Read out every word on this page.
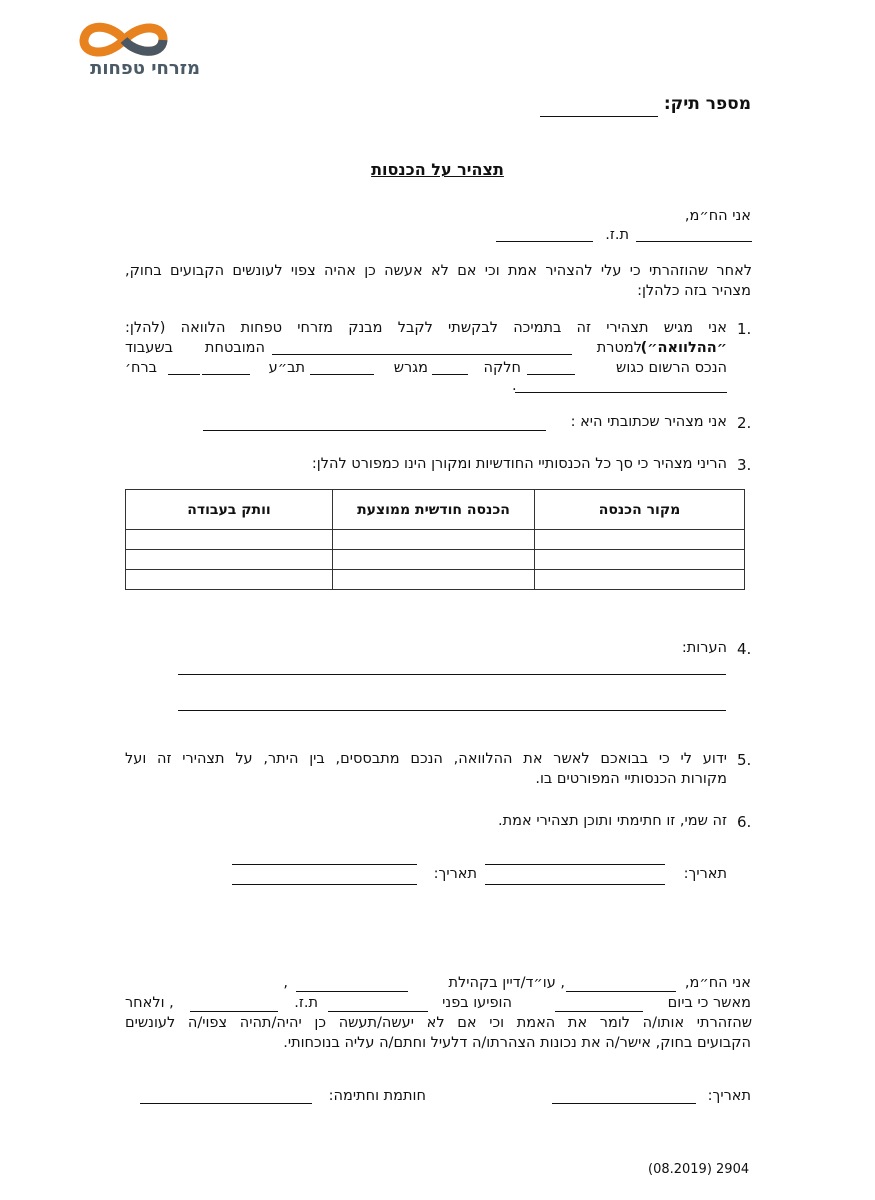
מזרחי טפחות
מספר תיק:
תצהיר על הכנסות
אני הח״מ,
ת.ז.
לאחר שהוזהרתי כי עלי להצהיר אמת וכי אם לא אעשה כן אהיה צפוי לעונשים הקבועים בחוק,
מצהיר בזה כלהלן:
1.
אני מגיש תצהירי זה בתמיכה לבקשתי לקבל מבנק מזרחי טפחות הלוואה (להלן:
״ההלוואה״)
למטרת
המובטחת בשעבוד
הנכס הרשום כגוש
חלקה
מגרש
תב״ע
ברח׳
.
2.
אני מצהיר שכתובתי היא :
3.
הריני מצהיר כי סך כל הכנסותיי החודשיות ומקורן הינו כמפורט להלן:
מקור הכנסה	הכנסה חודשית ממוצעת	וותק בעבודה

4.
הערות:
5.
ידוע לי כי בבואכם לאשר את ההלוואה, הנכם מתבססים, בין היתר, על תצהירי זה ועל
מקורות הכנסותיי המפורטים בו.
6.
זה שמי, זו חתימתי ותוכן תצהירי אמת.
תאריך:
תאריך:
אני הח״מ,
, עו״ד/דיין בקהילת
,
מאשר כי ביום
הופיעו בפני
ת.ז.
, ולאחר
שהזהרתי אותו/ה לומר את האמת וכי אם לא יעשה/תעשה כן יהיה/תהיה צפוי/ה לעונשים
הקבועים בחוק, אישר/ה את נכונות הצהרתו/ה דלעיל וחתם/ה עליה בנוכחותי.
תאריך:
חותמת וחתימה:
(08.2019) 2904
